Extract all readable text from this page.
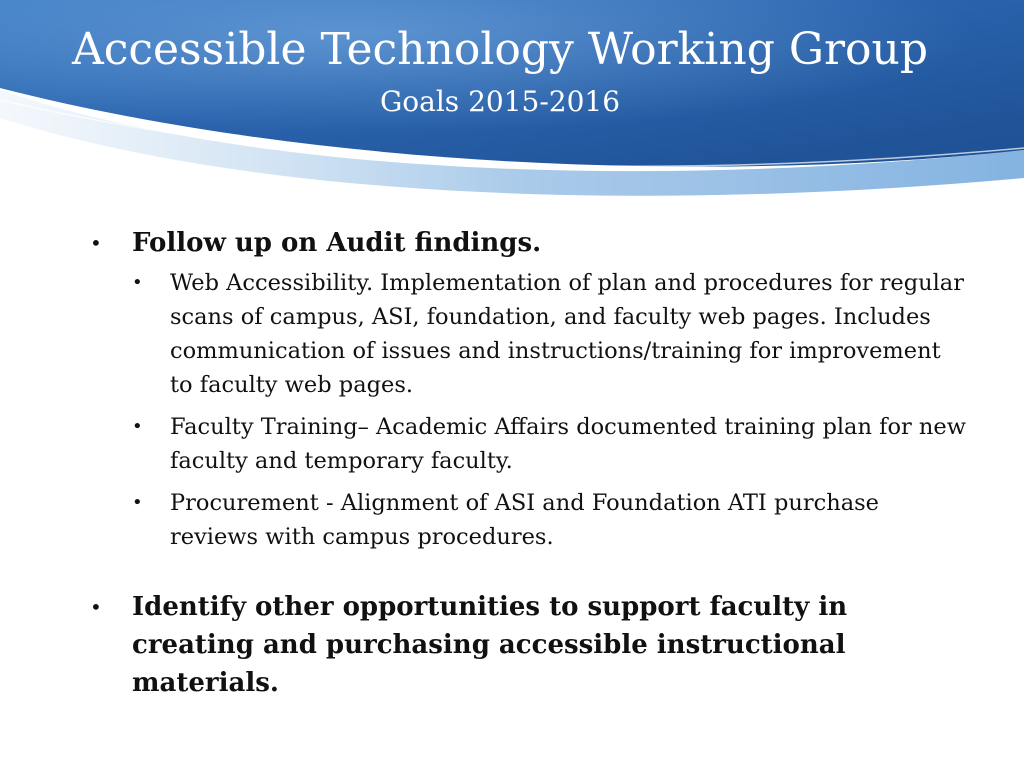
Accessible Technology Working Group
Goals 2015-2016
• Follow up on Audit findings.
• Web Accessibility. Implementation of plan and procedures for regular scans of campus, ASI, foundation, and faculty web pages. Includes communication of issues and instructions/training for improvement to faculty web pages.
• Faculty Training– Academic Affairs documented training plan for new faculty and temporary faculty.
• Procurement - Alignment of ASI and Foundation ATI purchase reviews with campus procedures.
• Identify other opportunities to support faculty in creating and purchasing accessible instructional materials.
